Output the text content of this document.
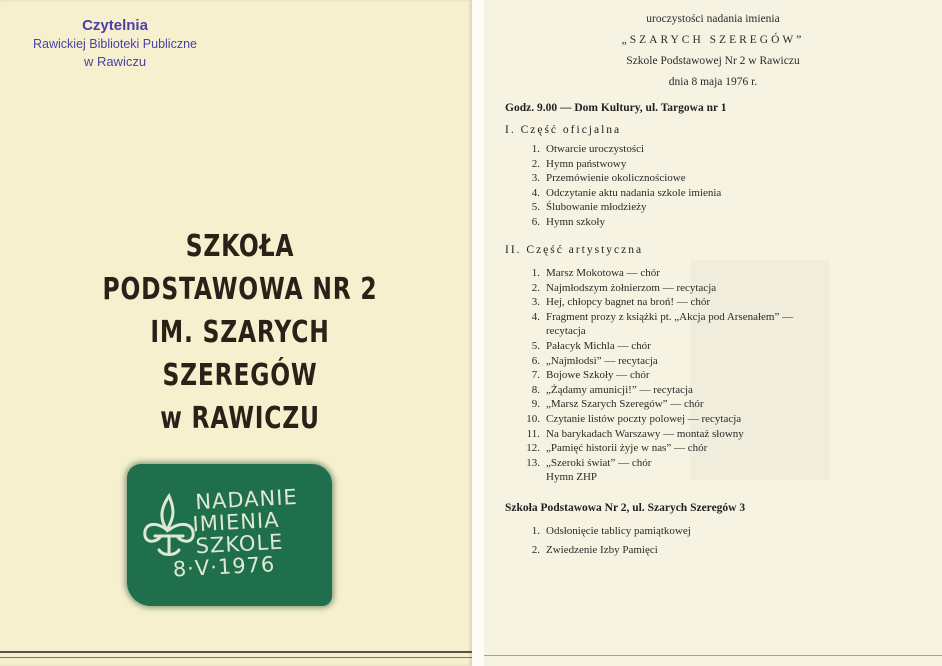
Czytelnia
Rawickiej Biblioteki Publiczne
w Rawiczu
SZKOŁA PODSTAWOWA NR 2
IM. SZARYCH SZEREGÓW
w RAWICZU
NADANIE
IMIENIA
SZKOLE
8·V·1976
uroczystości nadania imienia
„SZARYCH SZEREGÓW”
Szkole Podstawowej Nr 2 w Rawiczu
dnia 8 maja 1976 r.
Godz. 9.00 — Dom Kultury, ul. Targowa nr 1
I. Część oficjalna
1. Otwarcie uroczystości
2. Hymn państwowy
3. Przemówienie okolicznościowe
4. Odczytanie aktu nadania szkole imienia
5. Ślubowanie młodzieży
6. Hymn szkoły
II. Część artystyczna
1. Marsz Mokotowa — chór
2. Najmłodszym żołnierzom — recytacja
3. Hej, chłopcy bagnet na broń! — chór
4. Fragment prozy z książki pt. „Akcja pod Arsenałem” —
recytacja
5. Pałacyk Michla — chór
6. „Najmłodsi” — recytacja
7. Bojowe Szkoły — chór
8. „Żądamy amunicji!” — recytacja
9. „Marsz Szarych Szeregów” — chór
10. Czytanie listów poczty polowej — recytacja
11. Na barykadach Warszawy — montaż słowny
12. „Pamięć historii żyje w nas” — chór
13. „Szeroki świat” — chór
Hymn ZHP
Szkoła Podstawowa Nr 2, ul. Szarych Szeregów 3
1. Odsłonięcie tablicy pamiątkowej
2. Zwiedzenie Izby Pamięci
